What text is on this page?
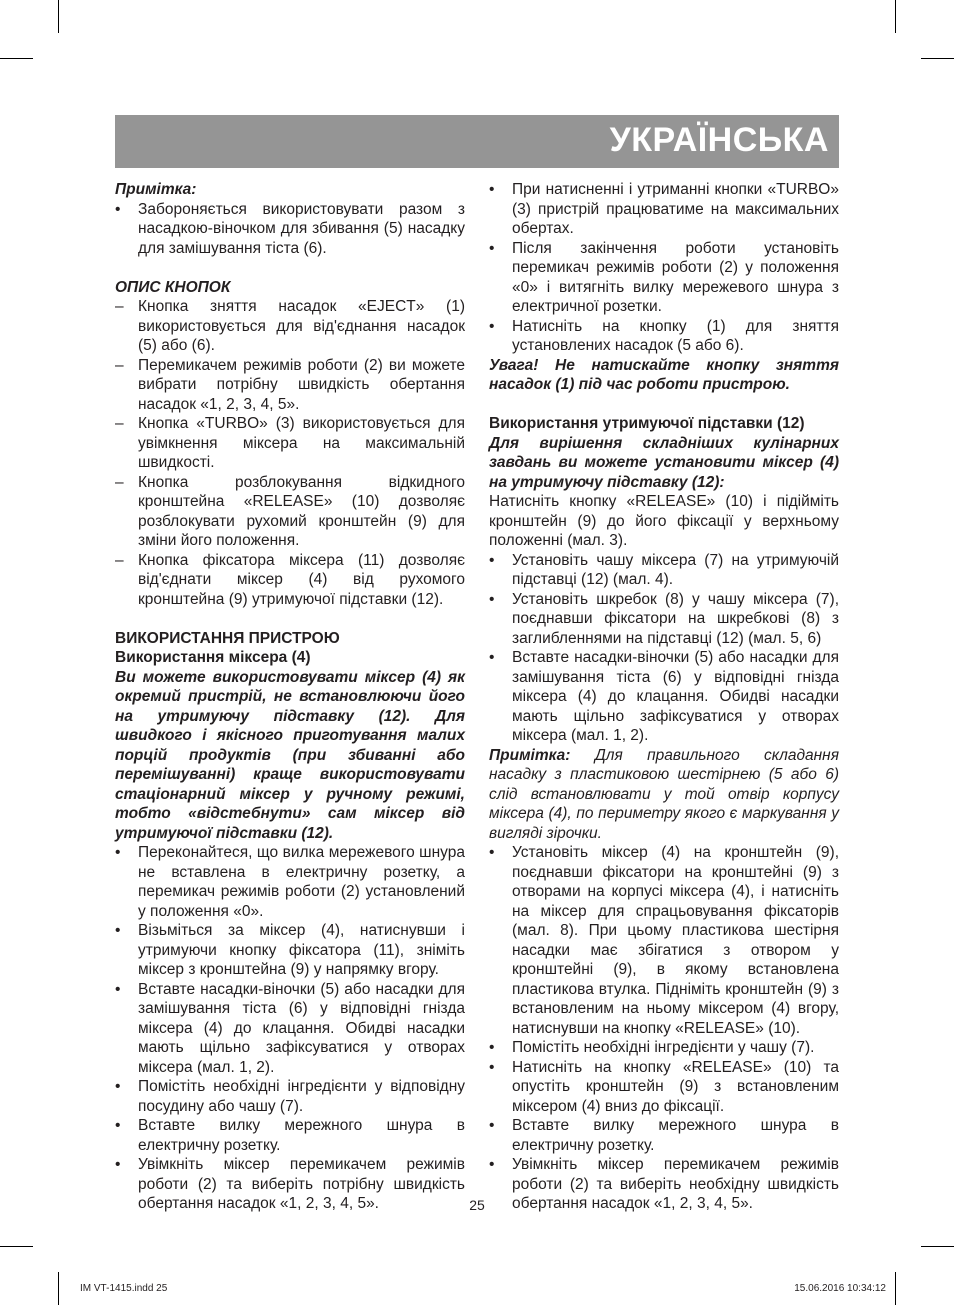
УКРАЇНСЬКА

Примітка:

• Забороняється використовувати разом з насадкою-віночком для збивання (5) насадку для замішування тіста (6).

ОПИС КНОПОК

– Кнопка зняття насадок «EJECT» (1) використовується для від'єднання насадок (5) або (6).
– Перемикачем режимів роботи (2) ви можете вибрати потрібну швидкість обертання насадок «1, 2, 3, 4, 5».
– Кнопка «TURBO» (3) використовується для увімкнення міксера на максимальній швидкості.
– Кнопка розблокування відкидного кронштейна «RELEASE» (10) дозволяє розблокувати рухомий кронштейн (9) для зміни його положення.
– Кнопка фіксатора міксера (11) дозволяє від'єднати міксер (4) від рухомого кронштейна (9) утримуючої підставки (12).

ВИКОРИСТАННЯ ПРИСТРОЮ

Використання міксера (4)

Ви можете використовувати міксер (4) як окремий пристрій, не встановлюючи його на утримуючу підставку (12). Для швидкого і якісного приготування малих порцій продуктів (при збиванні або перемішуванні) краще використовувати стаціонарний міксер у ручному режимі, тобто «відстебнути» сам міксер від утримуючої підставки (12).

• Переконайтеся, що вилка мережевого шнура не вставлена в електричну розетку, а перемикач режимів роботи (2) установлений у положення «0».
• Візьміться за міксер (4), натиснувши і утримуючи кнопку фіксатора (11), зніміть міксер з кронштейна (9) у напрямку вгору.
• Вставте насадки-віночки (5) або насадки для замішування тіста (6) у відповідні гнізда міксера (4) до клацання. Обидві насадки мають щільно зафіксуватися у отворах міксера (мал. 1, 2).
• Помістіть необхідні інгредієнти у відповідну посудину або чашу (7).
• Вставте вилку мережного шнура в електричну розетку.
• Увімкніть міксер перемикачем режимів роботи (2) та виберіть потрібну швидкість обертання насадок «1, 2, 3, 4, 5».
• При натисненні і утриманні кнопки «TURBO» (3) пристрій працюватиме на максимальних обертах.
• Після закінчення роботи установіть перемикач режимів роботи (2) у положення «0» і витягніть вилку мережевого шнура з електричної розетки.
• Натисніть на кнопку (1) для зняття установлених насадок (5 або 6).

Увага! Не натискайте кнопку зняття насадок (1) під час роботи пристрою.

Використання утримуючої підставки (12)

Для вирішення складніших кулінарних завдань ви можете установити міксер (4) на утримуючу підставку (12):

Натисніть кнопку «RELEASE» (10) і підійміть кронштейн (9) до його фіксації у верхньому положенні (мал. 3).

• Установіть чашу міксера (7) на утримуючій підставці (12) (мал. 4).
• Установіть шкребок (8) у чашу міксера (7), поєднавши фіксатори на шкребкові (8) з заглибленнями на підставці (12) (мал. 5, 6)
• Вставте насадки-віночки (5) або насадки для замішування тіста (6) у відповідні гнізда міксера (4) до клацання. Обидві насадки мають щільно зафіксуватися у отворах міксера (мал. 1, 2).

Примітка: Для правильного складання насадку з пластиковою шестірнею (5 або 6) слід встановлювати у той отвір корпусу міксера (4), по периметру якого є маркування у вигляді зірочки.

• Установіть міксер (4) на кронштейн (9), поєднавши фіксатори на кронштейні (9) з отворами на корпусі міксера (4), і натисніть на міксер для спрацьовування фіксаторів (мал. 8). При цьому пластикова шестірня насадки має збігатися з отвором у кронштейні (9), в якому встановлена пластикова втулка. Підніміть кронштейн (9) з встановленим на ньому міксером (4) вгору, натиснувши на кнопку «RELEASE» (10).
• Помістіть необхідні інгредієнти у чашу (7).
• Натисніть на кнопку «RELEASE» (10) та опустіть кронштейн (9) з встановленим міксером (4) вниз до фіксації.
• Вставте вилку мережного шнура в електричну розетку.
• Увімкніть міксер перемикачем режимів роботи (2) та виберіть необхідну швидкість обертання насадок «1, 2, 3, 4, 5».
25
IM VT-1415.indd 25	15.06.2016 10:34:12
